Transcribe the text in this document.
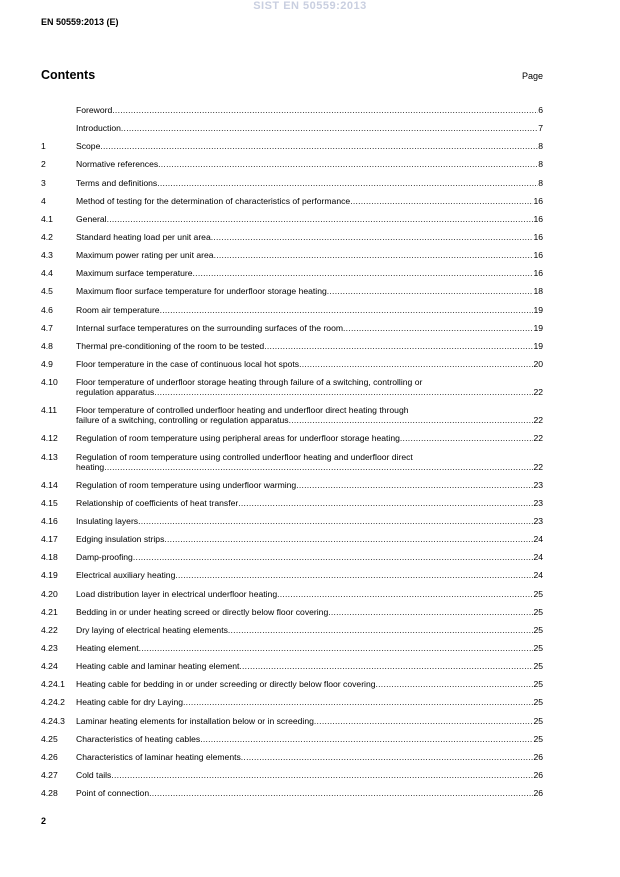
SIST EN 50559:2013
EN 50559:2013 (E)
Contents	Page
Foreword .....	6
Introduction .....	7
1	Scope .....	8
2	Normative references .....	8
3	Terms and definitions .....	8
4	Method of testing for the determination of characteristics of performance .....	16
4.1	General .....	16
4.2	Standard heating load per unit area .....	16
4.3	Maximum power rating per unit area .....	16
4.4	Maximum surface temperature .....	16
4.5	Maximum floor surface temperature for underfloor storage heating .....	18
4.6	Room air temperature .....	19
4.7	Internal surface temperatures on the surrounding surfaces of the room .....	19
4.8	Thermal pre-conditioning of the room to be tested .....	19
4.9	Floor temperature in the case of continuous local hot spots .....	20
4.10	Floor temperature of underfloor storage heating through failure of a switching, controlling or
regulation apparatus .....	22
4.11	Floor temperature of controlled underfloor heating and underfloor direct heating through
failure of a switching, controlling or regulation apparatus .....	22
4.12	Regulation of room temperature using peripheral areas for underfloor storage heating .....	22
4.13	Regulation of room temperature using controlled underfloor heating and underfloor direct
heating .....	22
4.14	Regulation of room temperature using underfloor warming .....	23
4.15	Relationship of coefficients of heat transfer .....	23
4.16	Insulating layers .....	23
4.17	Edging insulation strips .....	24
4.18	Damp-proofing .....	24
4.19	Electrical auxiliary heating .....	24
4.20	Load distribution layer in electrical underfloor heating .....	25
4.21	Bedding in or under heating screed or directly below floor covering .....	25
4.22	Dry laying of electrical heating elements .....	25
4.23	Heating element .....	25
4.24	Heating cable and laminar heating element .....	25
4.24.1	Heating cable for bedding in or under screeding or directly below floor covering .....	25
4.24.2	Heating cable for dry Laying .....	25
4.24.3	Laminar heating elements for installation below or in screeding .....	25
4.25	Characteristics of heating cables .....	25
4.26	Characteristics of laminar heating elements .....	26
4.27	Cold tails .....	26
4.28	Point of connection .....	26
2
